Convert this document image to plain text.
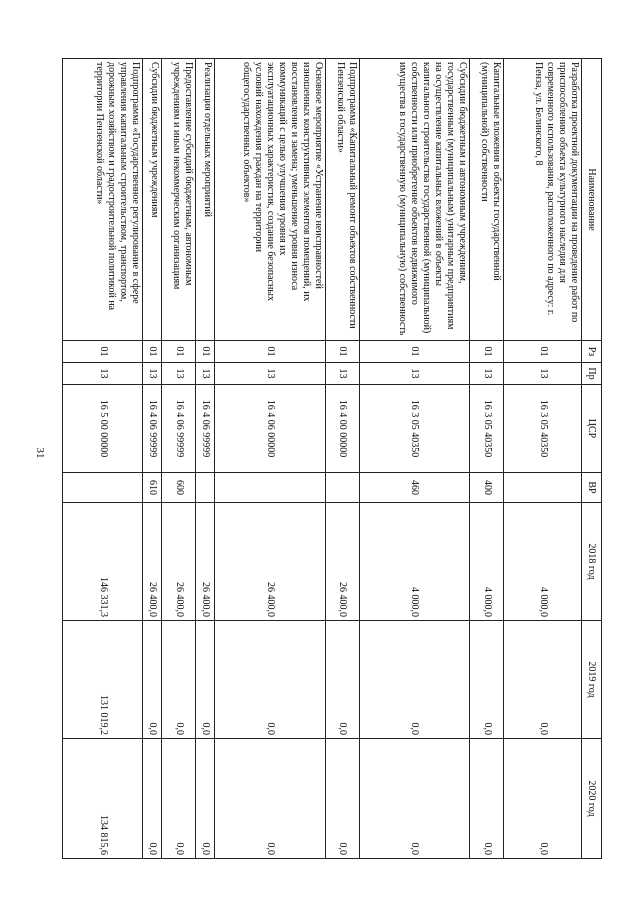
31
Наименование	Рз	Пр	ЦСР	ВР	2018 год	2019 год	2020 год
Разработка проектной документации на проведение работ по приспособлению объекта культурного наследия для современного использования, расположенного по адресу: г. Пенза, ул. Белинского, 8	01	13	16 3 05 40350		4 000,0	0,0	0,0
Капитальные вложения в объекты государственной (муниципальной) собственности	01	13	16 3 05 40350	400	4 000,0	0,0	0,0
Субсидии бюджетным и автономным учреждениям, государственным (муниципальным) унитарным предприятиям на осуществление капитальных вложений в объекты капитального строительства государственной (муниципальной) собственности или приобретение объектов недвижимого имущества в государственную (муниципальную) собственность	01	13	16 3 05 40350	460	4 000,0	0,0	0,0
Подпрограмма «Капитальный ремонт объектов собственности Пензенской области»	01	13	16 4 00 00000		26 400,0	0,0	0,0
Основное мероприятие «Устранение неисправностей изношенных конструктивных элементов помещений, их восстановление и замена; уменьшение уровня износа коммуникаций с целью улучшения уровня их эксплуатационных характеристик, создание безопасных условий нахождения граждан на территории общегосударственных объектов»	01	13	16 4 06 00000		26 400,0	0,0	0,0
Реализация отдельных мероприятий	01	13	16 4 06 99999		26 400,0	0,0	0,0
Предоставление субсидий бюджетным, автономным учреждениям и иным некоммерческим организациям	01	13	16 4 06 99999	600	26 400,0	0,0	0,0
Субсидии бюджетным учреждениям	01	13	16 4 06 99999	610	26 400,0	0,0	0,0
Подпрограмма «Государственное регулирование в сфере управления капитальным строительством, транспортом, дорожным хозяйством и градостроительной политикой на территории Пензенской области»	01	13	16 5 00 00000		146 331,3	131 019,2	134 815,6
